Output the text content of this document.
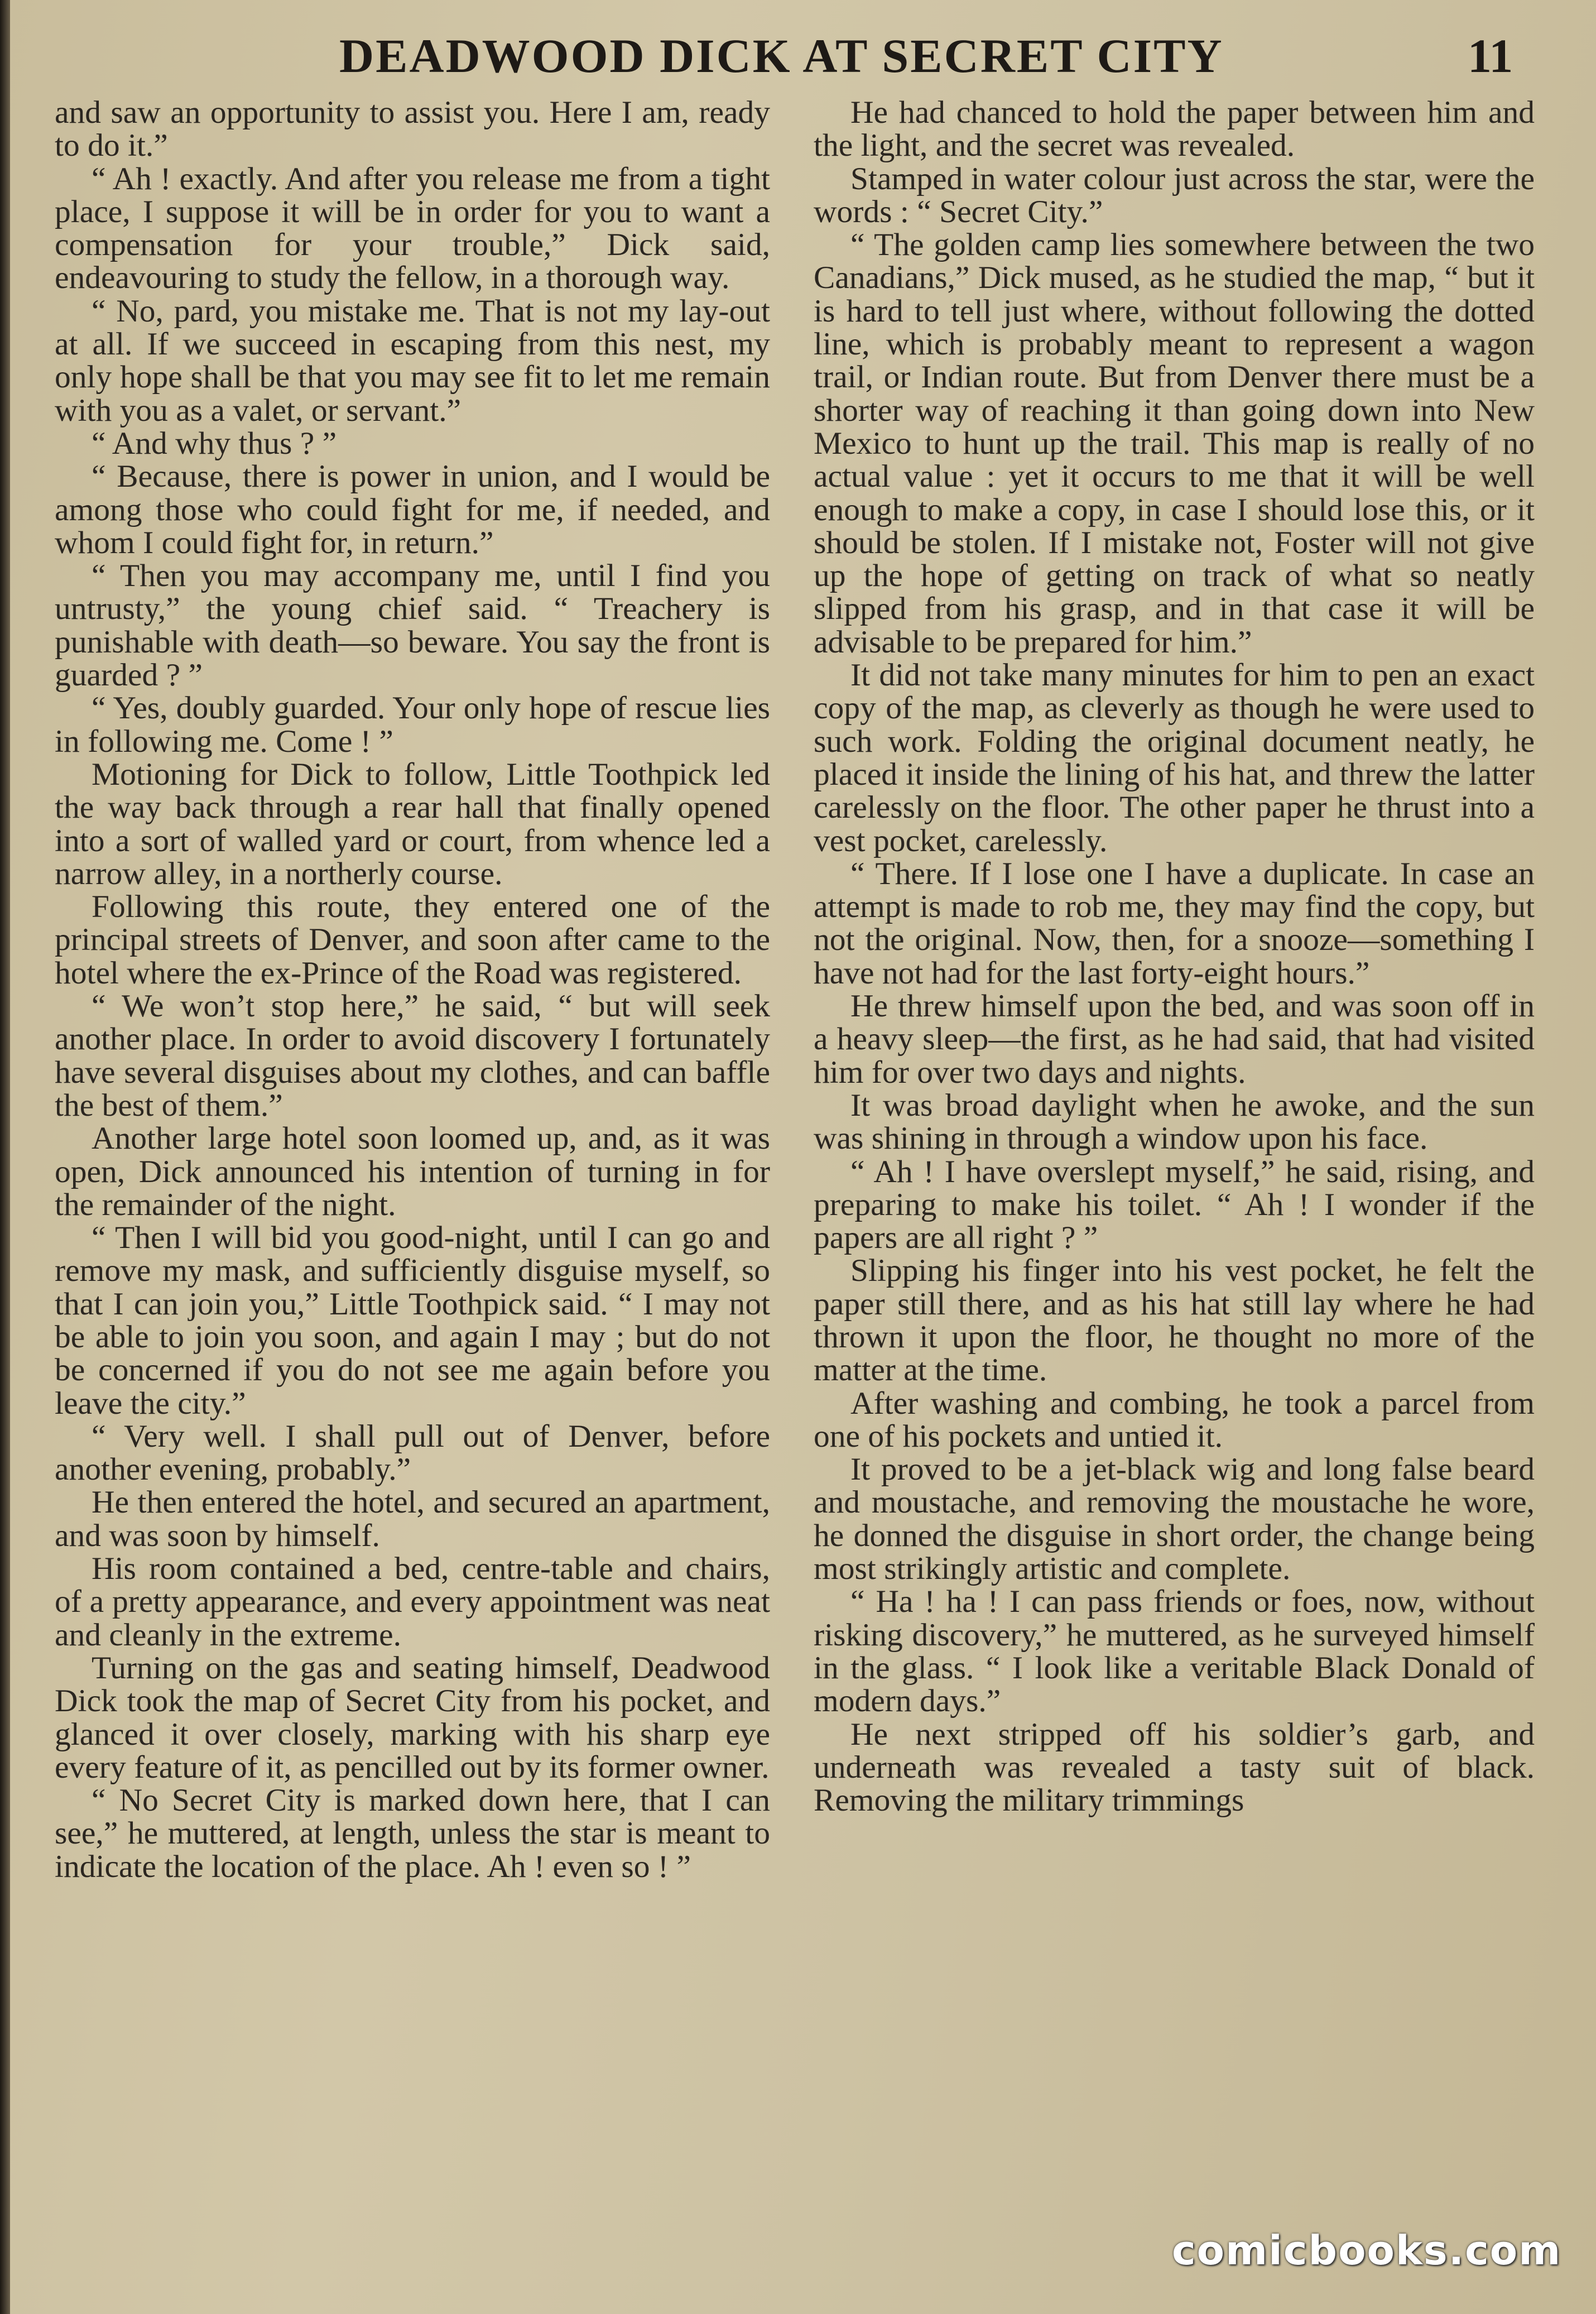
DEADWOOD DICK AT SECRET CITY	11

and saw an opportunity to assist you. Here I am, ready to do it.”

“ Ah ! exactly. And after you release me from a tight place, I suppose it will be in order for you to want a compensation for your trouble,” Dick said, endeavouring to study the fellow, in a thorough way.

“ No, pard, you mistake me. That is not my lay-out at all. If we succeed in escaping from this nest, my only hope shall be that you may see fit to let me remain with you as a valet, or servant.”

“ And why thus ? ”

“ Because, there is power in union, and I would be among those who could fight for me, if needed, and whom I could fight for, in return.”

“ Then you may accompany me, until I find you untrusty,” the young chief said. “ Treachery is punishable with death—so beware. You say the front is guarded ? ”

“ Yes, doubly guarded. Your only hope of rescue lies in following me. Come ! ”

Motioning for Dick to follow, Little Toothpick led the way back through a rear hall that finally opened into a sort of walled yard or court, from whence led a narrow alley, in a northerly course.

Following this route, they entered one of the principal streets of Denver, and soon after came to the hotel where the ex-Prince of the Road was registered.

“ We won’t stop here,” he said, “ but will seek another place. In order to avoid discovery I fortunately have several disguises about my clothes, and can baffle the best of them.”

Another large hotel soon loomed up, and, as it was open, Dick announced his intention of turning in for the remainder of the night.

“ Then I will bid you good-night, until I can go and remove my mask, and sufficiently disguise myself, so that I can join you,” Little Toothpick said. “ I may not be able to join you soon, and again I may ; but do not be concerned if you do not see me again before you leave the city.”

“ Very well. I shall pull out of Denver, before another evening, probably.”

He then entered the hotel, and secured an apartment, and was soon by himself.

His room contained a bed, centre-table and chairs, of a pretty appearance, and every appointment was neat and cleanly in the extreme.

Turning on the gas and seating himself, Deadwood Dick took the map of Secret City from his pocket, and glanced it over closely, marking with his sharp eye every feature of it, as pencilled out by its former owner.

“ No Secret City is marked down here, that I can see,” he muttered, at length, unless the star is meant to indicate the location of the place. Ah ! even so ! ”

He had chanced to hold the paper between him and the light, and the secret was revealed.

Stamped in water colour just across the star, were the words : “ Secret City.”

“ The golden camp lies somewhere between the two Canadians,” Dick mused, as he studied the map, “ but it is hard to tell just where, without following the dotted line, which is probably meant to represent a wagon trail, or Indian route. But from Denver there must be a shorter way of reaching it than going down into New Mexico to hunt up the trail. This map is really of no actual value : yet it occurs to me that it will be well enough to make a copy, in case I should lose this, or it should be stolen. If I mistake not, Foster will not give up the hope of getting on track of what so neatly slipped from his grasp, and in that case it will be advisable to be prepared for him.”

It did not take many minutes for him to pen an exact copy of the map, as cleverly as though he were used to such work. Folding the original document neatly, he placed it inside the lining of his hat, and threw the latter carelessly on the floor. The other paper he thrust into a vest pocket, carelessly.

“ There. If I lose one I have a duplicate. In case an attempt is made to rob me, they may find the copy, but not the original. Now, then, for a snooze—something I have not had for the last forty-eight hours.”

He threw himself upon the bed, and was soon off in a heavy sleep—the first, as he had said, that had visited him for over two days and nights.

It was broad daylight when he awoke, and the sun was shining in through a window upon his face.

“ Ah ! I have overslept myself,” he said, rising, and preparing to make his toilet. “ Ah ! I wonder if the papers are all right ? ”

Slipping his finger into his vest pocket, he felt the paper still there, and as his hat still lay where he had thrown it upon the floor, he thought no more of the matter at the time.

After washing and combing, he took a parcel from one of his pockets and untied it.

It proved to be a jet-black wig and long false beard and moustache, and removing the moustache he wore, he donned the disguise in short order, the change being most strikingly artistic and complete.

“ Ha ! ha ! I can pass friends or foes, now, without risking discovery,” he muttered, as he surveyed himself in the glass. “ I look like a veritable Black Donald of modern days.”

He next stripped off his soldier’s garb, and underneath was revealed a tasty suit of black. Removing the military trimmings

comicbooks.com
